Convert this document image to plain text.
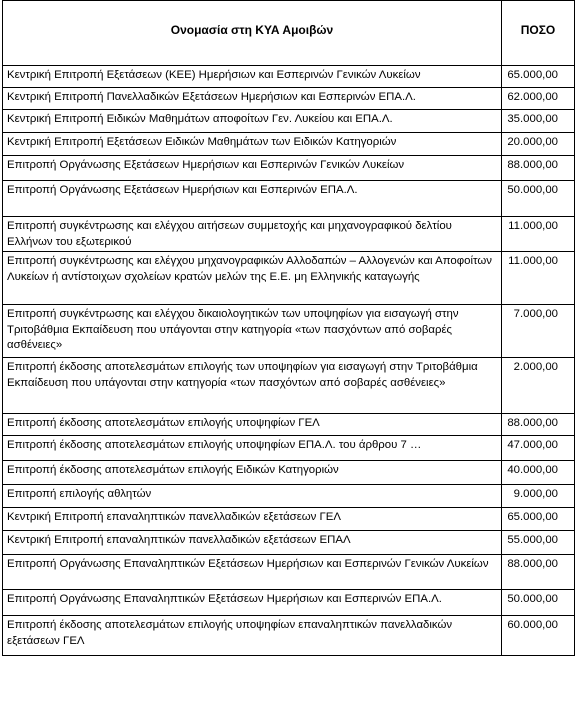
Ονομασία στη ΚΥΑ Αμοιβών	ΠΟΣΟ
Κεντρική Επιτροπή Εξετάσεων (ΚΕΕ) Ημερήσιων και Εσπερινών Γενικών Λυκείων	65.000,00
Κεντρική Επιτροπή Πανελλαδικών Εξετάσεων Ημερήσιων και Εσπερινών ΕΠΑ.Λ.	62.000,00
Κεντρική Επιτροπή Ειδικών Μαθημάτων αποφοίτων Γεν. Λυκείου και ΕΠΑ.Λ.	35.000,00
Κεντρική Επιτροπή Εξετάσεων Ειδικών Μαθημάτων των Ειδικών Κατηγοριών	20.000,00
Επιτροπή Οργάνωσης Εξετάσεων Ημερήσιων και Εσπερινών Γενικών Λυκείων	88.000,00
Επιτροπή Οργάνωσης Εξετάσεων Ημερήσιων και Εσπερινών ΕΠΑ.Λ.	50.000,00
Επιτροπή συγκέντρωσης και ελέγχου αιτήσεων συμμετοχής και μηχανογραφικού δελτίου Ελλήνων του εξωτερικού	11.000,00
Επιτροπή συγκέντρωσης και ελέγχου μηχανογραφικών Αλλοδαπών – Αλλογενών και Αποφοίτων Λυκείων ή αντίστοιχων σχολείων κρατών μελών της Ε.Ε. μη Ελληνικής καταγωγής	11.000,00
Επιτροπή συγκέντρωσης και ελέγχου δικαιολογητικών των υποψηφίων για εισαγωγή στην Τριτοβάθμια Εκπαίδευση που υπάγονται στην κατηγορία «των πασχόντων από σοβαρές ασθένειες»	7.000,00
Επιτροπή έκδοσης αποτελεσμάτων επιλογής των υποψηφίων για εισαγωγή στην Τριτοβάθμια Εκπαίδευση που υπάγονται στην κατηγορία «των πασχόντων από σοβαρές ασθένειες»	2.000,00
Επιτροπή έκδοσης αποτελεσμάτων επιλογής υποψηφίων ΓΕΛ	88.000,00
Επιτροπή έκδοσης αποτελεσμάτων επιλογής υποψηφίων ΕΠΑ.Λ. του άρθρου 7 …	47.000,00
Επιτροπή έκδοσης αποτελεσμάτων επιλογής Ειδικών Κατηγοριών	40.000,00
Επιτροπή επιλογής αθλητών	9.000,00
Κεντρική Επιτροπή επαναληπτικών πανελλαδικών εξετάσεων ΓΕΛ	65.000,00
Κεντρική Επιτροπή επαναληπτικών πανελλαδικών εξετάσεων ΕΠΑΛ	55.000,00
Επιτροπή Οργάνωσης Επαναληπτικών Εξετάσεων Ημερήσιων και Εσπερινών Γενικών Λυκείων	88.000,00
Επιτροπή Οργάνωσης Επαναληπτικών Εξετάσεων Ημερήσιων και Εσπερινών ΕΠΑ.Λ.	50.000,00
Επιτροπή έκδοσης αποτελεσμάτων επιλογής υποψηφίων επαναληπτικών πανελλαδικών εξετάσεων ΓΕΛ	60.000,00
